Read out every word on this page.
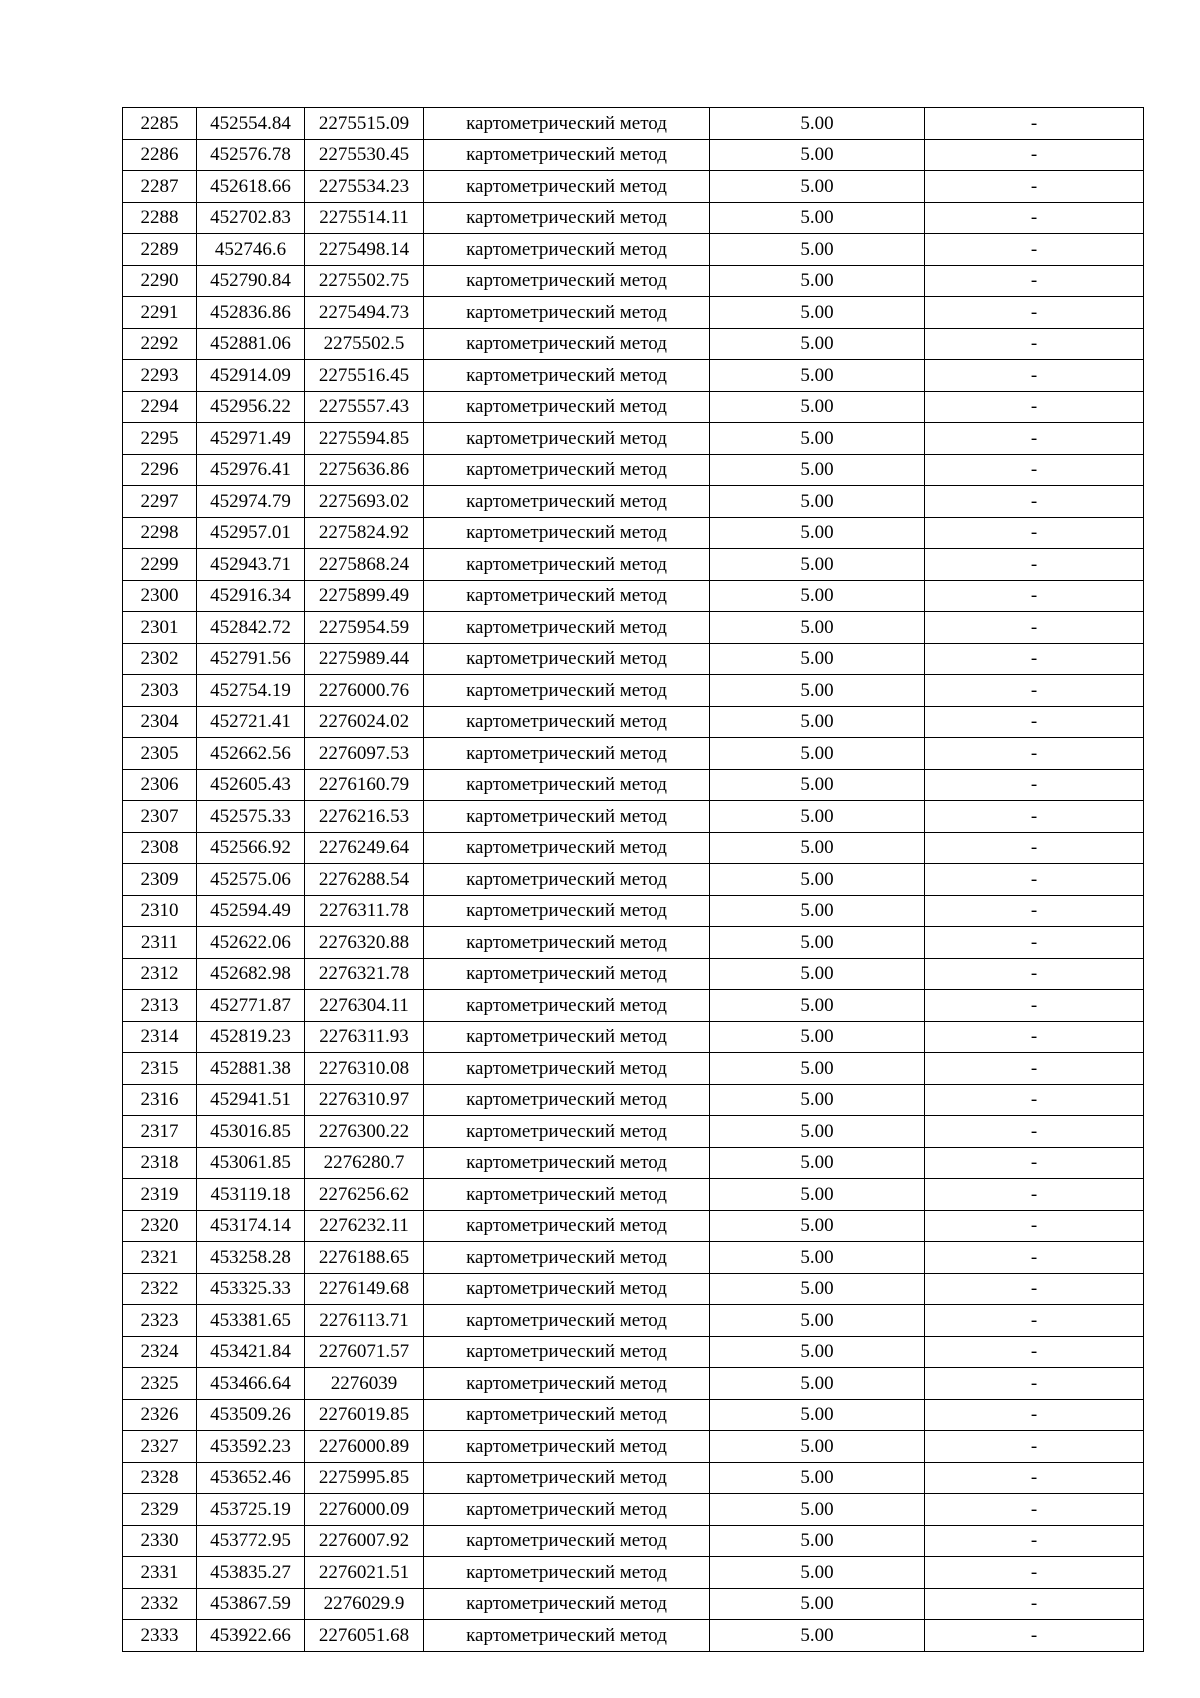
2285	452554.84	2275515.09	картометрический метод	5.00	-
2286	452576.78	2275530.45	картометрический метод	5.00	-
2287	452618.66	2275534.23	картометрический метод	5.00	-
2288	452702.83	2275514.11	картометрический метод	5.00	-
2289	452746.6	2275498.14	картометрический метод	5.00	-
2290	452790.84	2275502.75	картометрический метод	5.00	-
2291	452836.86	2275494.73	картометрический метод	5.00	-
2292	452881.06	2275502.5	картометрический метод	5.00	-
2293	452914.09	2275516.45	картометрический метод	5.00	-
2294	452956.22	2275557.43	картометрический метод	5.00	-
2295	452971.49	2275594.85	картометрический метод	5.00	-
2296	452976.41	2275636.86	картометрический метод	5.00	-
2297	452974.79	2275693.02	картометрический метод	5.00	-
2298	452957.01	2275824.92	картометрический метод	5.00	-
2299	452943.71	2275868.24	картометрический метод	5.00	-
2300	452916.34	2275899.49	картометрический метод	5.00	-
2301	452842.72	2275954.59	картометрический метод	5.00	-
2302	452791.56	2275989.44	картометрический метод	5.00	-
2303	452754.19	2276000.76	картометрический метод	5.00	-
2304	452721.41	2276024.02	картометрический метод	5.00	-
2305	452662.56	2276097.53	картометрический метод	5.00	-
2306	452605.43	2276160.79	картометрический метод	5.00	-
2307	452575.33	2276216.53	картометрический метод	5.00	-
2308	452566.92	2276249.64	картометрический метод	5.00	-
2309	452575.06	2276288.54	картометрический метод	5.00	-
2310	452594.49	2276311.78	картометрический метод	5.00	-
2311	452622.06	2276320.88	картометрический метод	5.00	-
2312	452682.98	2276321.78	картометрический метод	5.00	-
2313	452771.87	2276304.11	картометрический метод	5.00	-
2314	452819.23	2276311.93	картометрический метод	5.00	-
2315	452881.38	2276310.08	картометрический метод	5.00	-
2316	452941.51	2276310.97	картометрический метод	5.00	-
2317	453016.85	2276300.22	картометрический метод	5.00	-
2318	453061.85	2276280.7	картометрический метод	5.00	-
2319	453119.18	2276256.62	картометрический метод	5.00	-
2320	453174.14	2276232.11	картометрический метод	5.00	-
2321	453258.28	2276188.65	картометрический метод	5.00	-
2322	453325.33	2276149.68	картометрический метод	5.00	-
2323	453381.65	2276113.71	картометрический метод	5.00	-
2324	453421.84	2276071.57	картометрический метод	5.00	-
2325	453466.64	2276039	картометрический метод	5.00	-
2326	453509.26	2276019.85	картометрический метод	5.00	-
2327	453592.23	2276000.89	картометрический метод	5.00	-
2328	453652.46	2275995.85	картометрический метод	5.00	-
2329	453725.19	2276000.09	картометрический метод	5.00	-
2330	453772.95	2276007.92	картометрический метод	5.00	-
2331	453835.27	2276021.51	картометрический метод	5.00	-
2332	453867.59	2276029.9	картометрический метод	5.00	-
2333	453922.66	2276051.68	картометрический метод	5.00	-
